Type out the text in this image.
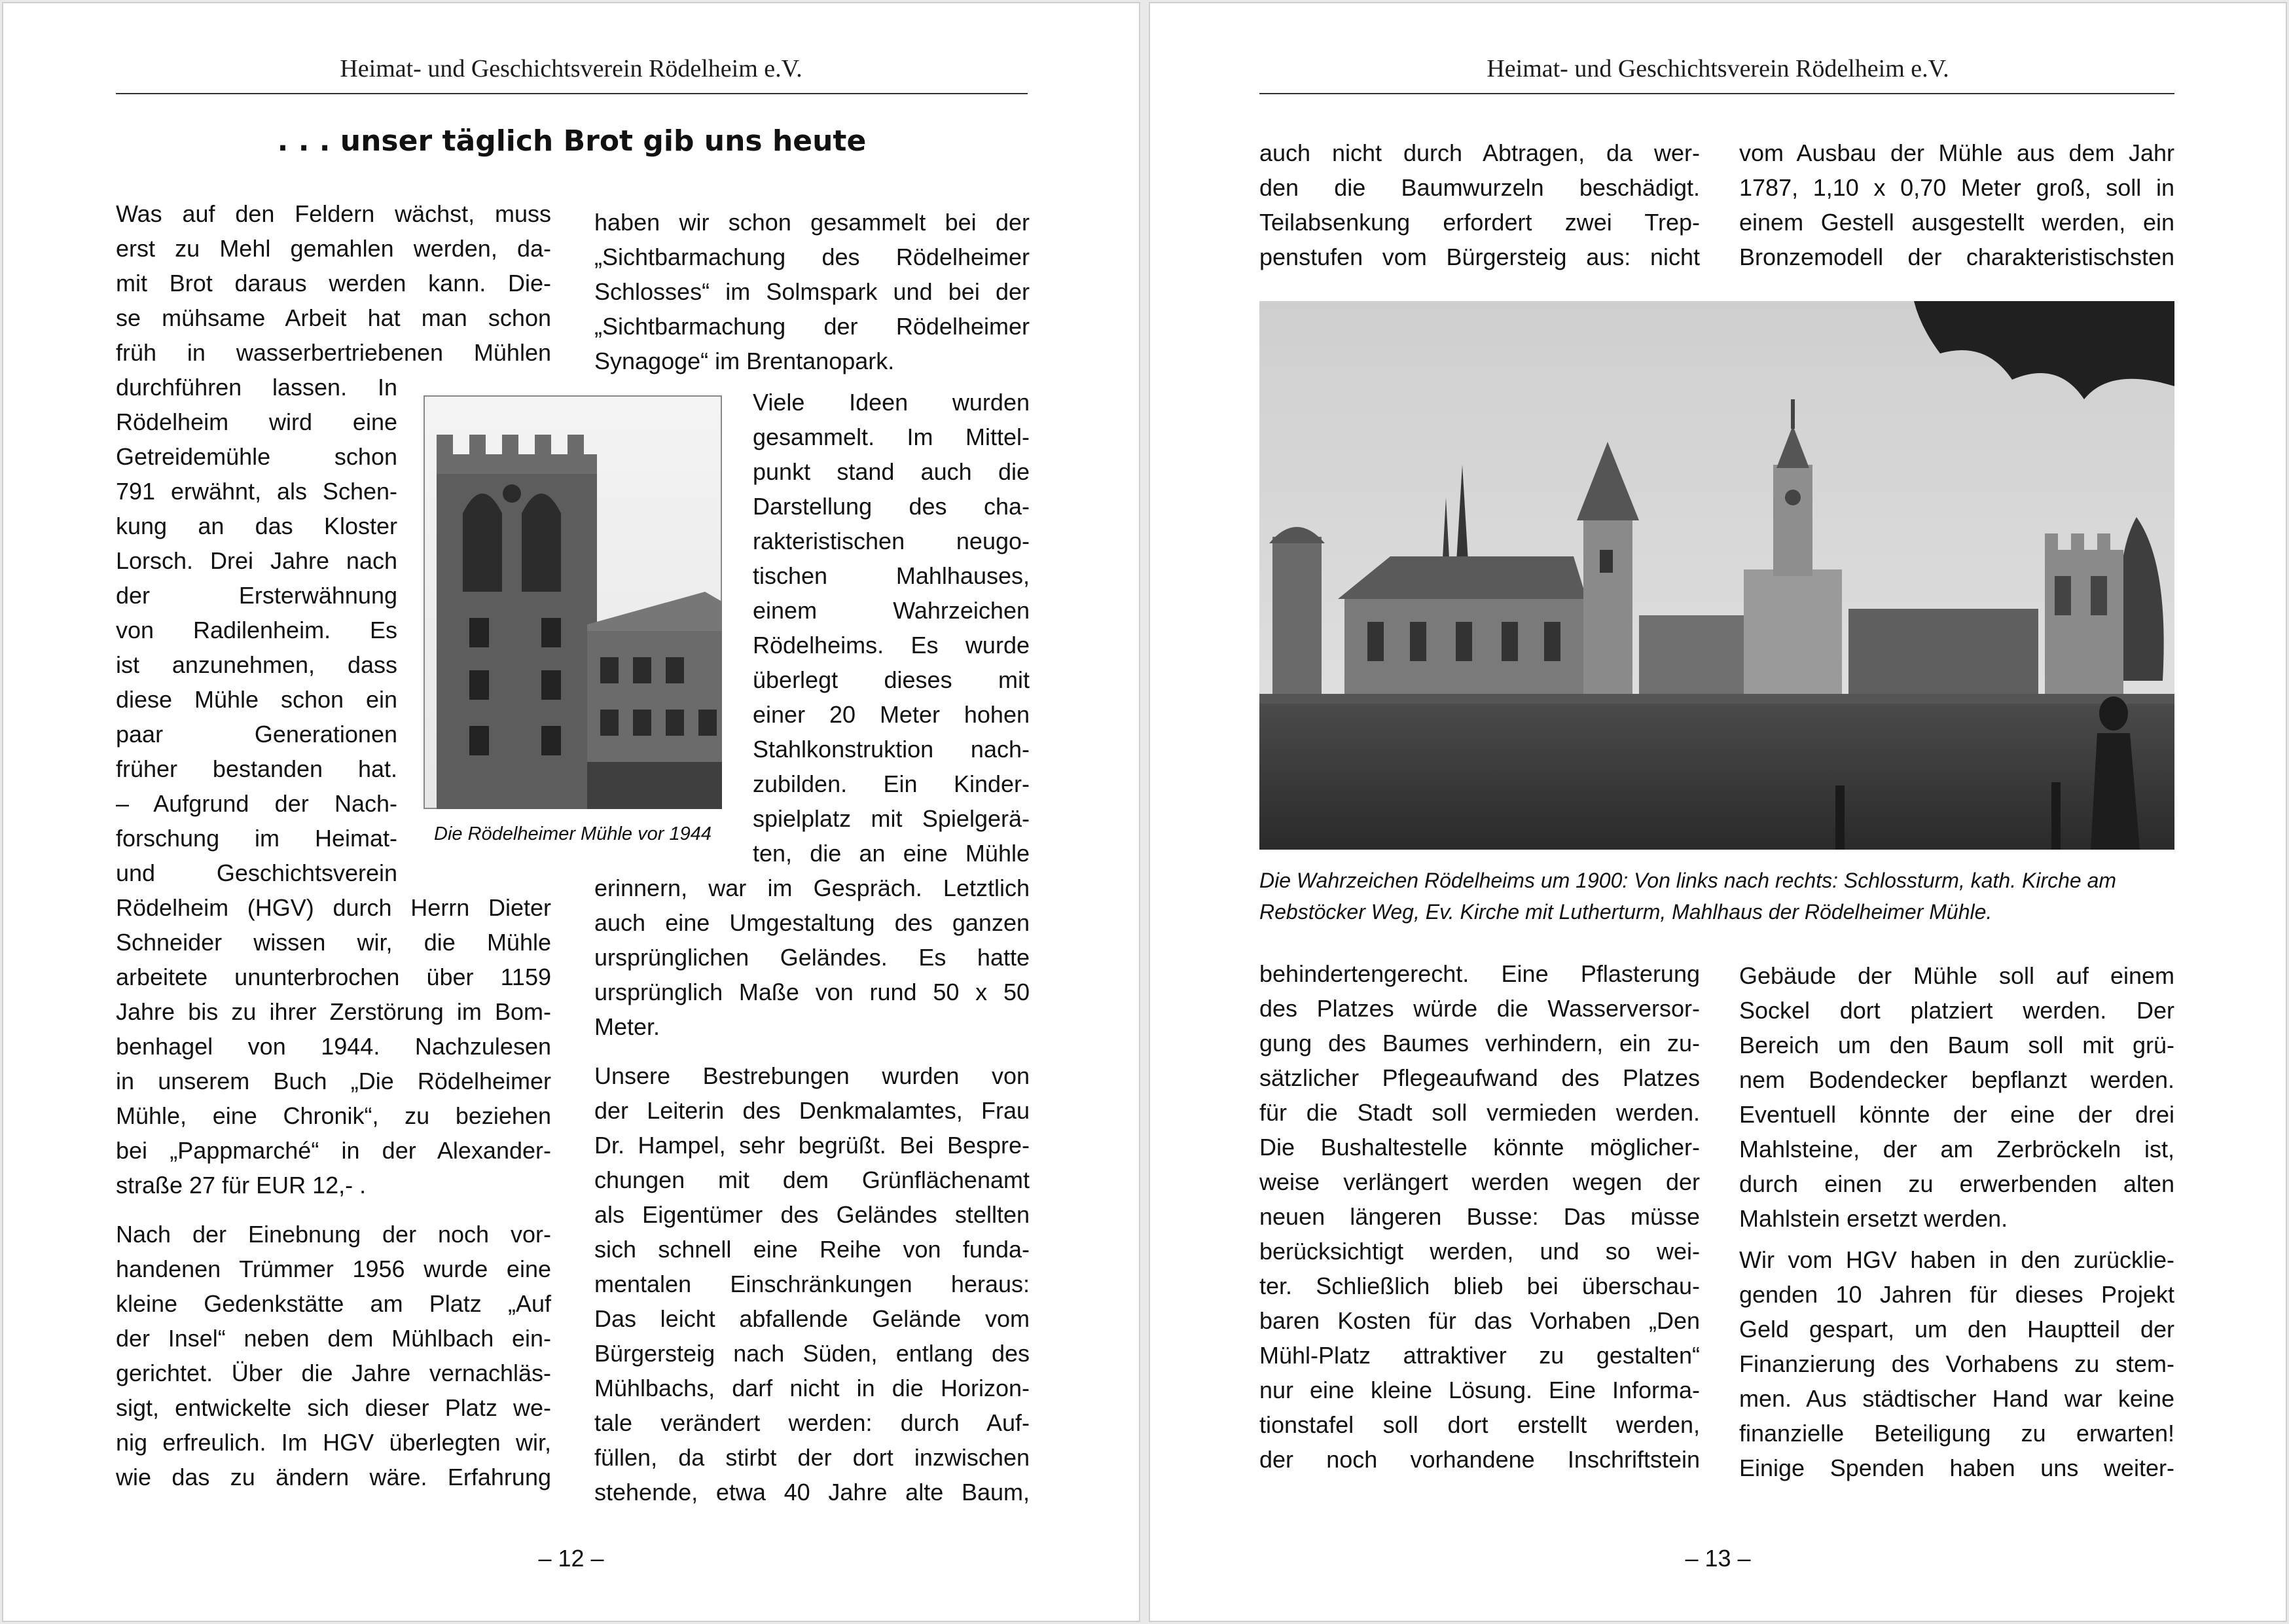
Heimat- und Geschichtsverein Rödelheim e.V.
. . . unser täglich Brot gib uns heute
Was auf den Feldern wächst, muss
erst zu Mehl gemahlen werden, da-
mit Brot daraus werden kann. Die-
se mühsame Arbeit hat man schon
früh in wasserbertriebenen Mühlen
durchführen lassen. In
Rödelheim wird eine
Getreidemühle schon
791 erwähnt, als Schen-
kung an das Kloster
Lorsch. Drei Jahre nach
der Ersterwähnung
von Radilenheim. Es
ist anzunehmen, dass
diese Mühle schon ein
paar Generationen
früher bestanden hat.
– Aufgrund der Nach-
forschung im Heimat-
und Geschichtsverein
Rödelheim (HGV) durch Herrn Dieter
Schneider wissen wir, die Mühle
arbeitete ununterbrochen über 1159
Jahre bis zu ihrer Zerstörung im Bom-
benhagel von 1944. Nachzulesen
in unserem Buch „Die Rödelheimer
Mühle, eine Chronik“, zu beziehen
bei „Pappmarché“ in der Alexander-
straße 27 für EUR 12,- .
Nach der Einebnung der noch vor-
handenen Trümmer 1956 wurde eine
kleine Gedenkstätte am Platz „Auf
der Insel“ neben dem Mühlbach ein-
gerichtet. Über die Jahre vernachläs-
sigt, entwickelte sich dieser Platz we-
nig erfreulich. Im HGV überlegten wir,
wie das zu ändern wäre. Erfahrung
haben wir schon gesammelt bei der
„Sichtbarmachung des Rödelheimer
Schlosses“ im Solmspark und bei der
„Sichtbarmachung der Rödelheimer
Synagoge“ im Brentanopark.
Viele Ideen wurden
gesammelt. Im Mittel-
punkt stand auch die
Darstellung des cha-
rakteristischen neugo-
tischen Mahlhauses,
einem Wahrzeichen
Rödelheims. Es wurde
überlegt dieses mit
einer 20 Meter hohen
Stahlkonstruktion nach-
zubilden. Ein Kinder-
spielplatz mit Spielgerä-
ten, die an eine Mühle
erinnern, war im Gespräch. Letztlich
auch eine Umgestaltung des ganzen
ursprünglichen Geländes. Es hatte
ursprünglich Maße von rund 50 x 50
Meter.
Unsere Bestrebungen wurden von
der Leiterin des Denkmalamtes, Frau
Dr. Hampel, sehr begrüßt. Bei Bespre-
chungen mit dem Grünflächenamt
als Eigentümer des Geländes stellten
sich schnell eine Reihe von funda-
mentalen Einschränkungen heraus:
Das leicht abfallende Gelände vom
Bürgersteig nach Süden, entlang des
Mühlbachs, darf nicht in die Horizon-
tale verändert werden: durch Auf-
füllen, da stirbt der dort inzwischen
stehende, etwa 40 Jahre alte Baum,
Die Rödelheimer Mühle vor 1944
– 12 –
Heimat- und Geschichtsverein Rödelheim e.V.
auch nicht durch Abtragen, da wer-
den die Baumwurzeln beschädigt.
Teilabsenkung erfordert zwei Trep-
penstufen vom Bürgersteig aus: nicht
vom Ausbau der Mühle aus dem Jahr
1787, 1,10 x 0,70 Meter groß, soll in
einem Gestell ausgestellt werden, ein
Bronzemodell der charakteristischsten
Die Wahrzeichen Rödelheims um 1900: Von links nach rechts: Schlossturm, kath. Kirche am
Rebstöcker Weg, Ev. Kirche mit Lutherturm, Mahlhaus der Rödelheimer Mühle.
behindertengerecht. Eine Pflasterung
des Platzes würde die Wasserversor-
gung des Baumes verhindern, ein zu-
sätzlicher Pflegeaufwand des Platzes
für die Stadt soll vermieden werden.
Die Bushaltestelle könnte möglicher-
weise verlängert werden wegen der
neuen längeren Busse: Das müsse
berücksichtigt werden, und so wei-
ter. Schließlich blieb bei überschau-
baren Kosten für das Vorhaben „Den
Mühl-Platz attraktiver zu gestalten“
nur eine kleine Lösung. Eine Informa-
tionstafel soll dort erstellt werden,
der noch vorhandene Inschriftstein
Gebäude der Mühle soll auf einem
Sockel dort platziert werden. Der
Bereich um den Baum soll mit grü-
nem Bodendecker bepflanzt werden.
Eventuell könnte der eine der drei
Mahlsteine, der am Zerbröckeln ist,
durch einen zu erwerbenden alten
Mahlstein ersetzt werden.
Wir vom HGV haben in den zurücklie-
genden 10 Jahren für dieses Projekt
Geld gespart, um den Hauptteil der
Finanzierung des Vorhabens zu stem-
men. Aus städtischer Hand war keine
finanzielle Beteiligung zu erwarten!
Einige Spenden haben uns weiter-
– 13 –
